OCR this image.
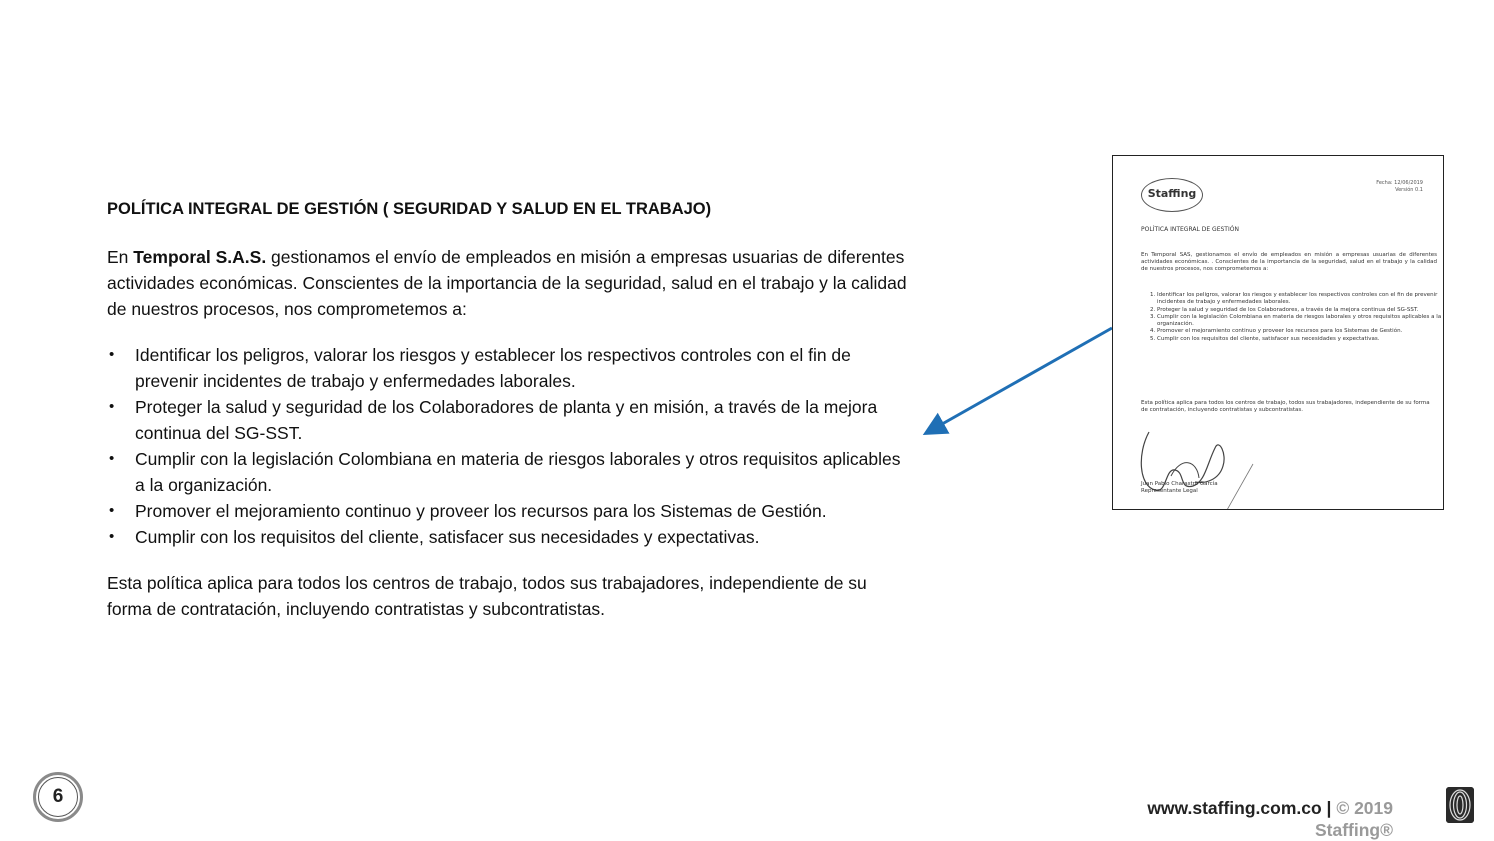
POLÍTICA INTEGRAL DE GESTIÓN ( SEGURIDAD Y SALUD EN EL TRABAJO)

En Temporal S.A.S. gestionamos el envío de empleados en misión a empresas usuarias de diferentes actividades económicas. Conscientes de la importancia de la seguridad, salud en el trabajo y la calidad de nuestros procesos, nos comprometemos a:

• Identificar los peligros, valorar los riesgos y establecer los respectivos controles con el fin de prevenir incidentes de trabajo y enfermedades laborales.
• Proteger la salud y seguridad de los Colaboradores de planta y en misión, a través de la mejora continua del SG-SST.
• Cumplir con la legislación Colombiana en materia de riesgos laborales y otros requisitos aplicables a la organización.
• Promover el mejoramiento continuo y proveer los recursos para los Sistemas de Gestión.
• Cumplir con los requisitos del cliente, satisfacer sus necesidades y expectativas.

Esta política aplica para todos los centros de trabajo, todos sus trabajadores, independiente de su forma de contratación, incluyendo contratistas y subcontratistas.

Staffing
Fecha: 12/06/2019
Versión 0.1
POLÍTICA INTEGRAL DE GESTIÓN
En Temporal SAS, gestionamos el envío de empleados en misión a empresas usuarias de diferentes actividades económicas. . Conscientes de la importancia de la seguridad, salud en el trabajo y la calidad de nuestros procesos, nos comprometemos a:
1. Identificar los peligros, valorar los riesgos y establecer los respectivos controles con el fin de prevenir incidentes de trabajo y enfermedades laborales.
2. Proteger la salud y seguridad de los Colaboradores, a través de la mejora continua del SG-SST.
3. Cumplir con la legislación Colombiana en materia de riesgos laborales y otros requisitos aplicables a la organización.
4. Promover el mejoramiento continuo y proveer los recursos para los Sistemas de Gestión.
5. Cumplir con los requisitos del cliente, satisfacer sus necesidades y expectativas.
Esta política aplica para todos los centros de trabajo, todos sus trabajadores, independiente de su forma de contratación, incluyendo contratistas y subcontratistas.
Juan Pablo Charastro García
Representante Legal
6
www.staffing.com.co | © 2019
Staffing®
